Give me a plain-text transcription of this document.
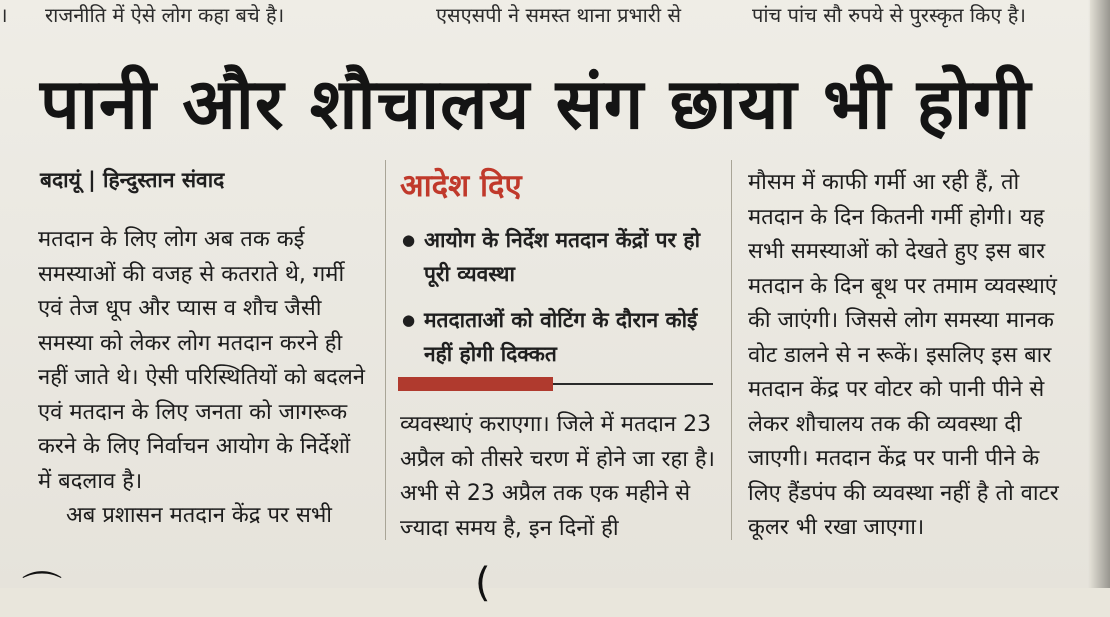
। राजनीति में ऐसे लोग कहा बचे है।	एसएसपी ने समस्त थाना प्रभारी से	पांच पांच सौ रुपये से पुरस्कृत किए है।
पानी और शौचालय संग छाया भी होगी
बदायूं | हिन्दुस्तान संवाद

मतदान के लिए लोग अब तक कई समस्याओं की वजह से कतराते थे, गर्मी एवं तेज धूप और प्यास व शौच जैसी समस्या को लेकर लोग मतदान करने ही नहीं जाते थे। ऐसी परिस्थितियों को बदलने एवं मतदान के लिए जनता को जागरूक करने के लिए निर्वाचन आयोग के निर्देशों में बदलाव है।

अब प्रशासन मतदान केंद्र पर सभी

आदेश दिए
● आयोग के निर्देश मतदान केंद्रों पर हो पूरी व्यवस्था
● मतदाताओं को वोटिंग के दौरान कोई नहीं होगी दिक्कत

व्यवस्थाएं कराएगा। जिले में मतदान 23 अप्रैल को तीसरे चरण में होने जा रहा है। अभी से 23 अप्रैल तक एक महीने से ज्यादा समय है, इन दिनों ही

मौसम में काफी गर्मी आ रही हैं, तो मतदान के दिन कितनी गर्मी होगी। यह सभी समस्याओं को देखते हुए इस बार मतदान के दिन बूथ पर तमाम व्यवस्थाएं की जाएंगी। जिससे लोग समस्या मानक वोट डालने से न रूकें। इसलिए इस बार मतदान केंद्र पर वोटर को पानी पीने से लेकर शौचालय तक की व्यवस्था दी जाएगी। मतदान केंद्र पर पानी पीने के लिए हैंडपंप की व्यवस्था नहीं है तो वाटर कूलर भी रखा जाएगा।

⌒	(
